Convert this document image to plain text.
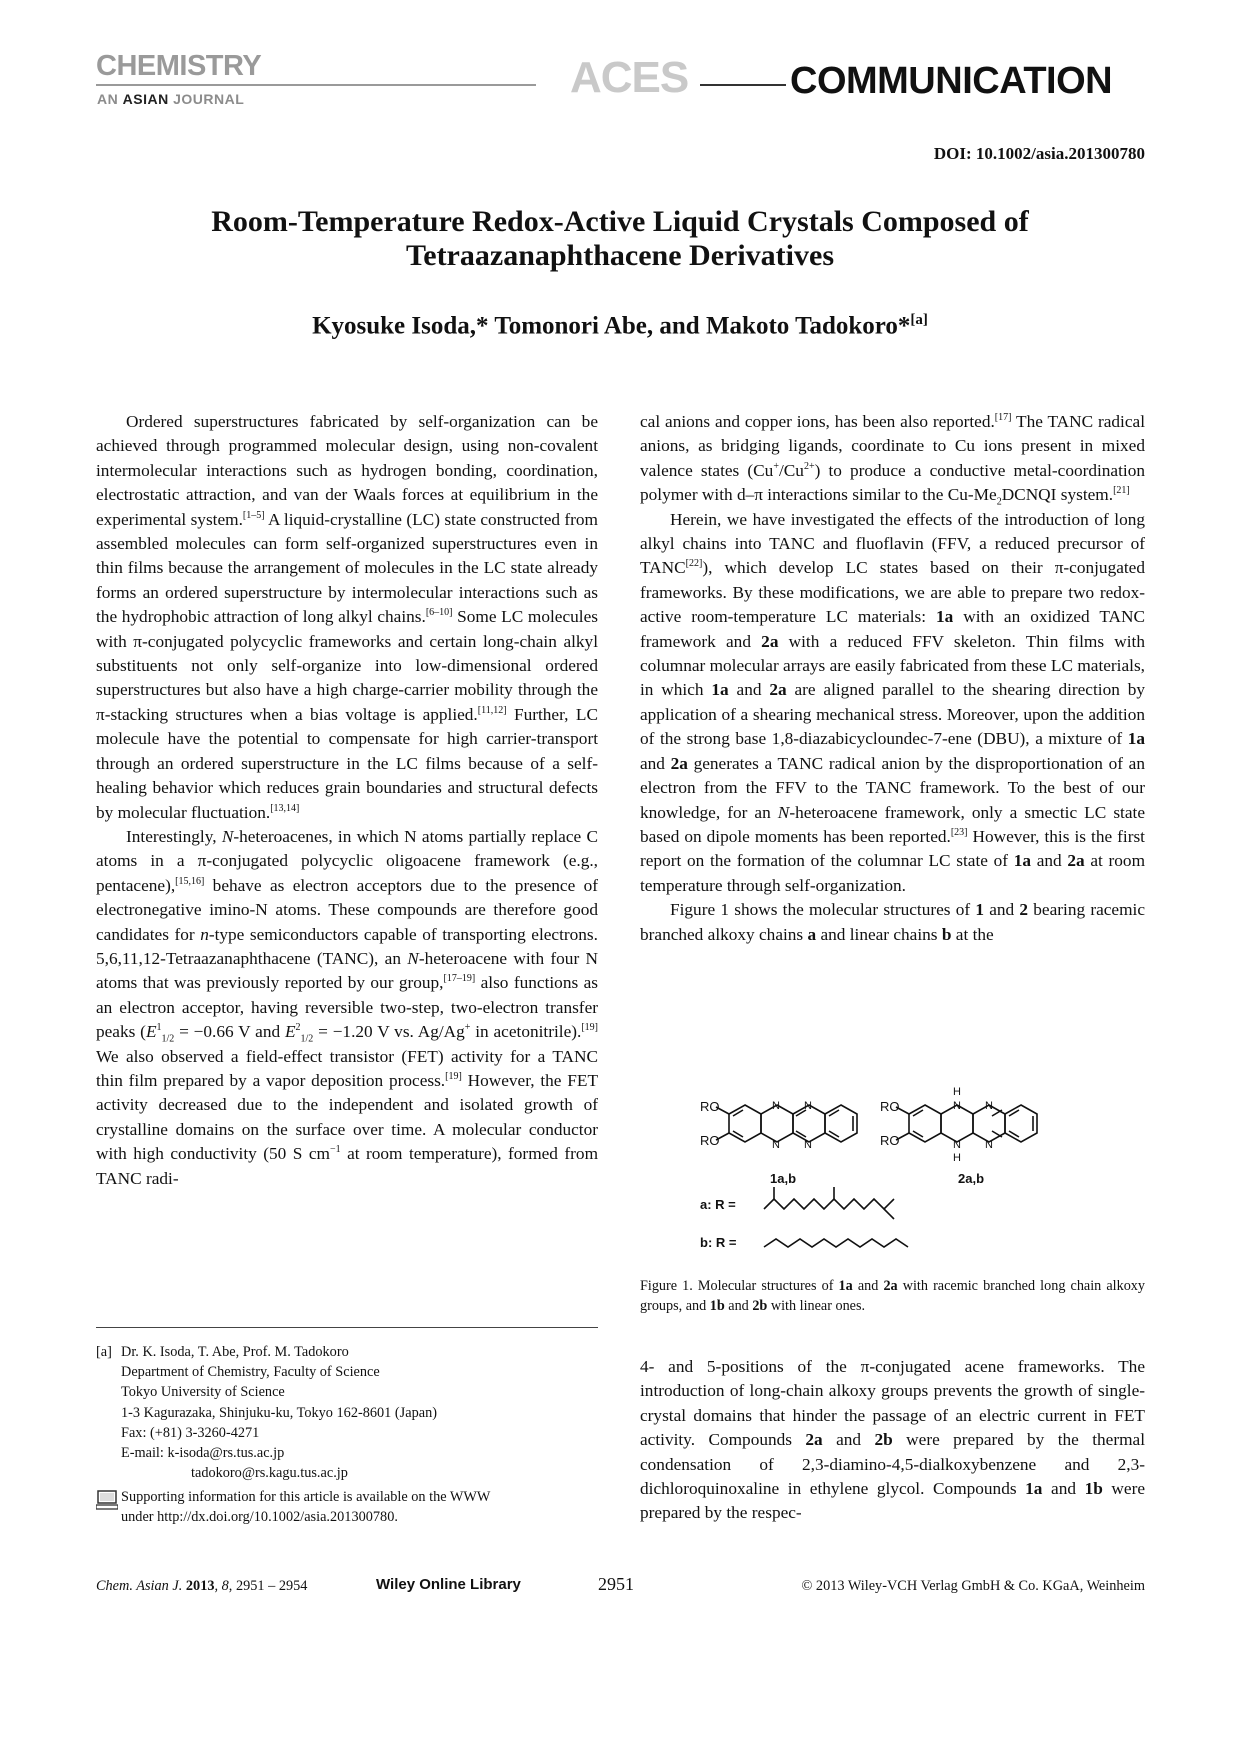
CHEMISTRY
AN ASIAN JOURNAL	ACES	COMMUNICATION
DOI: 10.1002/asia.201300780
Room-Temperature Redox-Active Liquid Crystals Composed of
Tetraazanaphthacene Derivatives
Kyosuke Isoda,* Tomonori Abe, and Makoto Tadokoro*[a]

Ordered superstructures fabricated by self-organization can be achieved through programmed molecular design, using non-covalent intermolecular interactions such as hydrogen bonding, coordination, electrostatic attraction, and van der Waals forces at equilibrium in the experimental system.[1–5] A liquid-crystalline (LC) state constructed from assembled molecules can form self-organized superstructures even in thin films because the arrangement of molecules in the LC state already forms an ordered superstructure by intermolecular interactions such as the hydrophobic attraction of long alkyl chains.[6–10] Some LC molecules with π-conjugated polycyclic frameworks and certain long-chain alkyl substituents not only self-organize into low-dimensional ordered superstructures but also have a high charge-carrier mobility through the π-stacking structures when a bias voltage is applied.[11,12] Further, LC molecule have the potential to compensate for high carrier-transport through an ordered superstructure in the LC films because of a self-healing behavior which reduces grain boundaries and structural defects by molecular fluctuation.[13,14]

Interestingly, N-heteroacenes, in which N atoms partially replace C atoms in a π-conjugated polycyclic oligoacene framework (e.g., pentacene),[15,16] behave as electron acceptors due to the presence of electronegative imino-N atoms. These compounds are therefore good candidates for n-type semiconductors capable of transporting electrons. 5,6,11,12-Tetraazanaphthacene (TANC), an N-heteroacene with four N atoms that was previously reported by our group,[17–19] also functions as an electron acceptor, having reversible two-step, two-electron transfer peaks ($E^1_{1/2} = -0.66$ V and $E^2_{1/2} = -1.20$ V vs. Ag/Ag+ in acetonitrile).[19] We also observed a field-effect transistor (FET) activity for a TANC thin film prepared by a vapor deposition process.[19] However, the FET activity decreased due to the independent and isolated growth of crystalline domains on the surface over time. A molecular conductor with high conductivity (50 S $cm^{-1}$ at room temperature), formed from TANC radi-

cal anions and copper ions, has been also reported.[17] The TANC radical anions, as bridging ligands, coordinate to Cu ions present in mixed valence states $(Cu^+/Cu^{2+})$ to produce a conductive metal-coordination polymer with d–π interactions similar to the $Cu-Me_2DCNQI$ system.[21]

Herein, we have investigated the effects of the introduction of long alkyl chains into TANC and fluoflavin (FFV, a reduced precursor of TANC[22]), which develop LC states based on their π-conjugated frameworks. By these modifications, we are able to prepare two redox-active room-temperature LC materials: 1a with an oxidized TANC framework and 2a with a reduced FFV skeleton. Thin films with columnar molecular arrays are easily fabricated from these LC materials, in which 1a and 2a are aligned parallel to the shearing direction by application of a shearing mechanical stress. Moreover, upon the addition of the strong base 1,8-diazabicycloundec-7-ene (DBU), a mixture of 1a and 2a generates a TANC radical anion by the disproportionation of an electron from the FFV to the TANC framework. To the best of our knowledge, for an N-heteroacene framework, only a smectic LC state based on dipole moments has been reported.[23] However, this is the first report on the formation of the columnar LC state of 1a and 2a at room temperature through self-organization.

Figure 1 shows the molecular structures of 1 and 2 bearing racemic branched alkoxy chains a and linear chains b at the

RO
RO
N
N
N
N
RO
RO
N
H
N
H
N
N
1a,b	2a,b
a: R =
b: R =
Figure 1. Molecular structures of 1a and 2a with racemic branched long chain alkoxy groups, and 1b and 2b with linear ones.

4- and 5-positions of the π-conjugated acene frameworks. The introduction of long-chain alkoxy groups prevents the growth of single-crystal domains that hinder the passage of an electric current in FET activity. Compounds 2a and 2b were prepared by the thermal condensation of 2,3-diamino-4,5-dialkoxybenzene and 2,3-dichloroquinoxaline in ethylene glycol. Compounds 1a and 1b were prepared by the respec-

[a] Dr. K. Isoda, T. Abe, Prof. M. Tadokoro
Department of Chemistry, Faculty of Science
Tokyo University of Science
1-3 Kagurazaka, Shinjuku-ku, Tokyo 162-8601 (Japan)
Fax: (+81) 3-3260-4271
E-mail: k-isoda@rs.tus.ac.jp
tadokoro@rs.kagu.tus.ac.jp
Supporting information for this article is available on the WWW
under http://dx.doi.org/10.1002/asia.201300780.
Chem. Asian J. 2013, 8, 2951 – 2954	Wiley Online Library	2951	© 2013 Wiley-VCH Verlag GmbH & Co. KGaA, Weinheim
